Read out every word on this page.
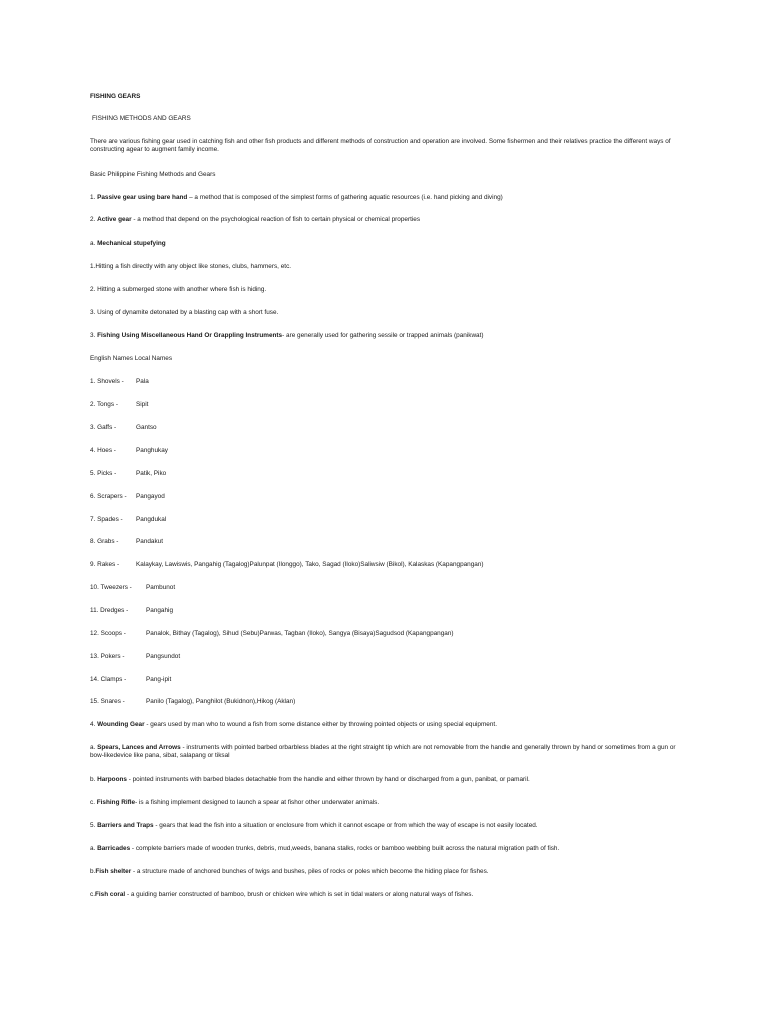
FISHING GEARS
FISHING METHODS AND GEARS
There are various fishing gear used in catching fish and other fish products and different methods of construction and operation are involved. Some fishermen and their relatives practice the different ways of constructing agear to augment family income.
Basic Philippine Fishing Methods and Gears
1. Passive gear using bare hand – a method that is composed of the simplest forms of gathering aquatic resources (i.e. hand picking and diving)
2. Active gear - a method that depend on the psychological reaction of fish to certain physical or chemical properties
a. Mechanical stupefying
1.Hitting a fish directly with any object like stones, clubs, hammers, etc.
2. Hitting a submerged stone with another where fish is hiding.
3. Using of dynamite detonated by a blasting cap with a short fuse.
3. Fishing Using Miscellaneous Hand Or Grappling Instruments- are generally used for gathering sessile or trapped animals (panikwat)
English Names Local Names
1. Shovels - Pala
2. Tongs -	Sipit
3. Gaffs -	Gantso
4. Hoes -	Panghukay
5. Picks -	Patik, Piko
6. Scrapers - Pangayod
7. Spades - Pangdukal
8. Grabs -	Pandakut
9. Rakes -	Kalaykay, Lawiswis, Pangahig (Tagalog)Palunpat (Ilonggo), Tako, Sagad (Iloko)Saliwsiw (Bikol), Kalaskas (Kapangpangan)
10. Tweezers - Pambunot
11. Dredges -	Pangahig
12. Scoops -	Panalok, Bithay (Tagalog), Sihud (Sebu)Parwas, Tagban (Iloko), Sangya (Bisaya)Sagudsod (Kapangpangan)
13. Pokers -	Pangsundot
14. Clamps -	Pang-ipit
15. Snares -	Panilo (Tagalog), Panghilot (Bukidnon),Hikog (Aklan)
4. Wounding Gear - gears used by man who to wound a fish from some distance either by throwing pointed objects or using special equipment.
a. Spears, Lances and Arrows - instruments with pointed barbed orbarbless blades at the right straight tip which are not removable from the handle and generally thrown by hand or sometimes from a gun or bow-likedevice like pana, sibat, salapang or tiksal
b. Harpoons - pointed instruments with barbed blades detachable from the handle and either thrown by hand or discharged from a gun, panibat, or pamaril.
c. Fishing Rifle- is a fishing implement designed to launch a spear at fishor other underwater animals.
5. Barriers and Traps - gears that lead the fish into a situation or enclosure from which it cannot escape or from which the way of escape is not easily located.
a. Barricades - complete barriers made of wooden trunks, debris, mud,weeds, banana stalks, rocks or bamboo webbing built across the natural migration path of fish.
b.Fish shelter - a structure made of anchored bunches of twigs and bushes, piles of rocks or poles which become the hiding place for fishes.
c.Fish coral - a guiding barrier constructed of bamboo, brush or chicken wire which is set in tidal waters or along natural ways of fishes.
